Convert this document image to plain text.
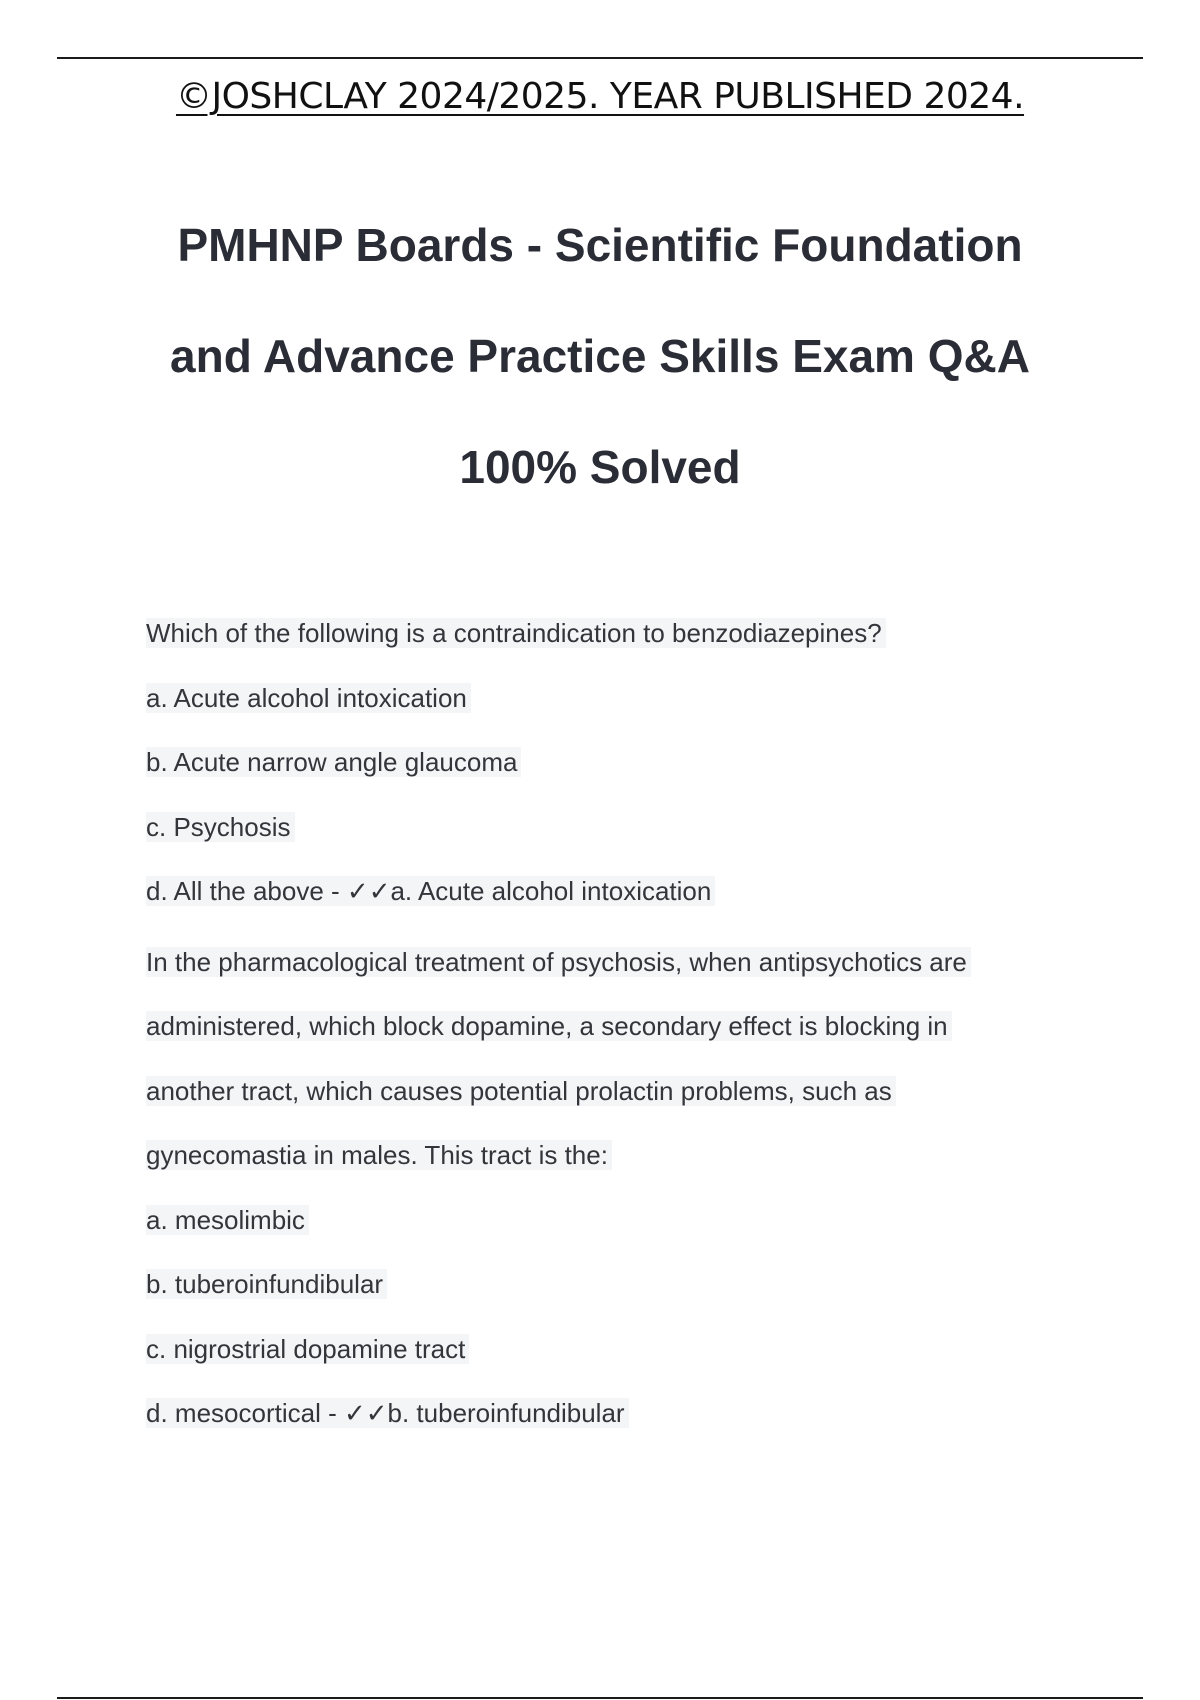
©JOSHCLAY 2024/2025. YEAR PUBLISHED 2024.
PMHNP Boards - Scientific Foundation
and Advance Practice Skills Exam Q&A
100% Solved
Which of the following is a contraindication to benzodiazepines?
a. Acute alcohol intoxication
b. Acute narrow angle glaucoma
c. Psychosis
d. All the above - ✓✓a. Acute alcohol intoxication
In the pharmacological treatment of psychosis, when antipsychotics are
administered, which block dopamine, a secondary effect is blocking in
another tract, which causes potential prolactin problems, such as
gynecomastia in males. This tract is the:
a. mesolimbic
b. tuberoinfundibular
c. nigrostrial dopamine tract
d. mesocortical - ✓✓b. tuberoinfundibular
